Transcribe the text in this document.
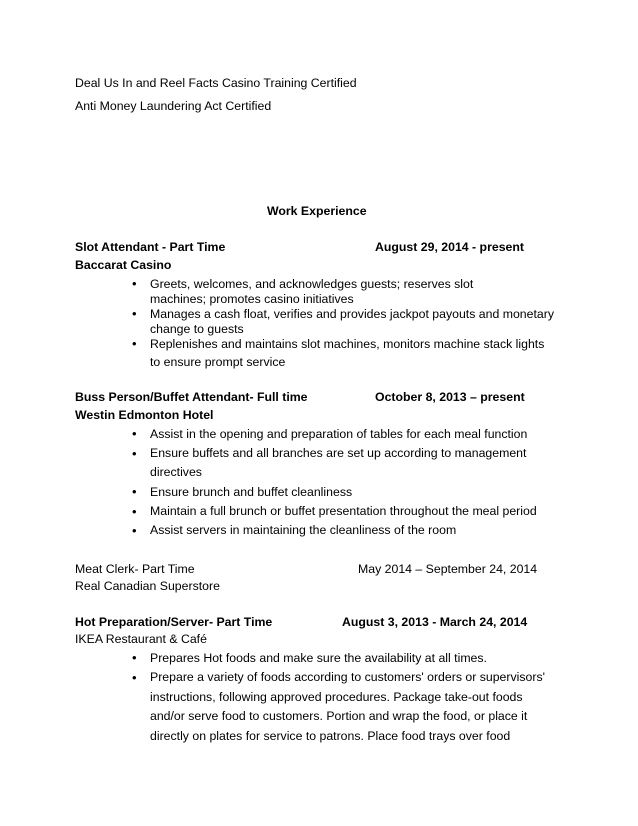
Deal Us In and Reel Facts Casino Training Certified
Anti Money Laundering Act Certified
Work Experience
Slot Attendant - Part Time	August 29, 2014 - present
Baccarat Casino
• Greets, welcomes, and acknowledges guests; reserves slot
machines; promotes casino initiatives
• Manages a cash float, verifies and provides jackpot payouts and monetary
change to guests
• Replenishes and maintains slot machines, monitors machine stack lights
to ensure prompt service
Buss Person/Buffet Attendant- Full time	October 8, 2013 – present
Westin Edmonton Hotel
• Assist in the opening and preparation of tables for each meal function
• Ensure buffets and all branches are set up according to management
directives
• Ensure brunch and buffet cleanliness
• Maintain a full brunch or buffet presentation throughout the meal period
• Assist servers in maintaining the cleanliness of the room
Meat Clerk- Part Time	May 2014 – September 24, 2014
Real Canadian Superstore
Hot Preparation/Server- Part Time	August 3, 2013 - March 24, 2014
IKEA Restaurant & Café
• Prepares Hot foods and make sure the availability at all times.
• Prepare a variety of foods according to customers' orders or supervisors'
instructions, following approved procedures. Package take-out foods
and/or serve food to customers. Portion and wrap the food, or place it
directly on plates for service to patrons. Place food trays over food
